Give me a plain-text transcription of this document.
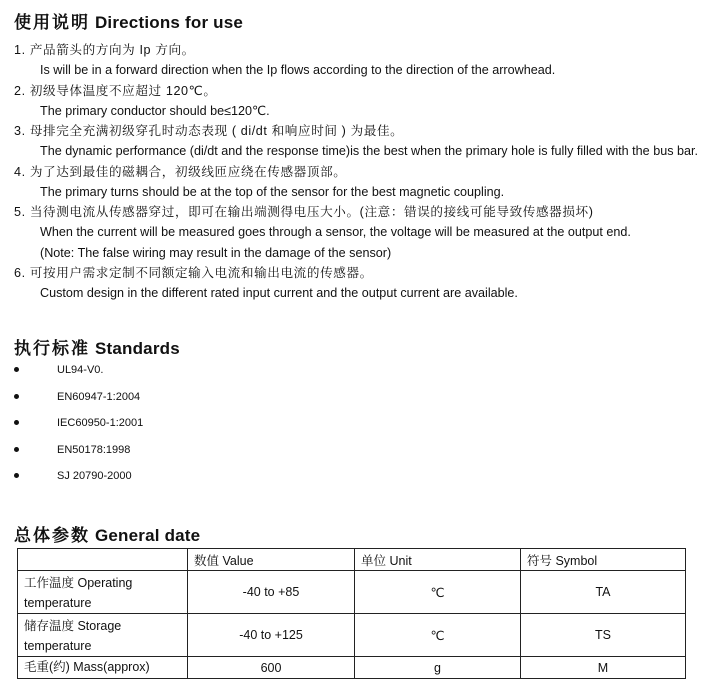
使用说明 Directions for use
1. 产品箭头的方向为 Ip 方向。
Is will be in a forward direction when the Ip flows according to the direction of the arrowhead.
2. 初级导体温度不应超过 120℃。
The primary conductor should be≤120℃.
3. 母排完全充满初级穿孔时动态表现 ( di/dt 和响应时间 ) 为最佳。
The dynamic performance (di/dt and the response time)is the best when the primary hole is fully filled with the bus bar.
4. 为了达到最佳的磁耦合，初级线匝应绕在传感器顶部。
The primary turns should be at the top of the sensor for the best magnetic coupling.
5. 当待测电流从传感器穿过，即可在输出端测得电压大小。(注意：错误的接线可能导致传感器损坏)
When the current will be measured goes through a sensor, the voltage will be measured at the output end.
(Note: The false wiring may result in the damage of the sensor)
6. 可按用户需求定制不同额定输入电流和输出电流的传感器。
Custom design in the different rated input current and the output current are available.
执行标准 Standards
UL94-V0.
EN60947-1:2004
IEC60950-1:2001
EN50178:1998
SJ 20790-2000
总体参数 General date
	数值 Value	单位 Unit	符号 Symbol
工作温度 Operating
temperature	-40 to +85	℃	TA
储存温度 Storage
temperature	-40 to +125	℃	TS
毛重(约) Mass(approx)	600	g	M
